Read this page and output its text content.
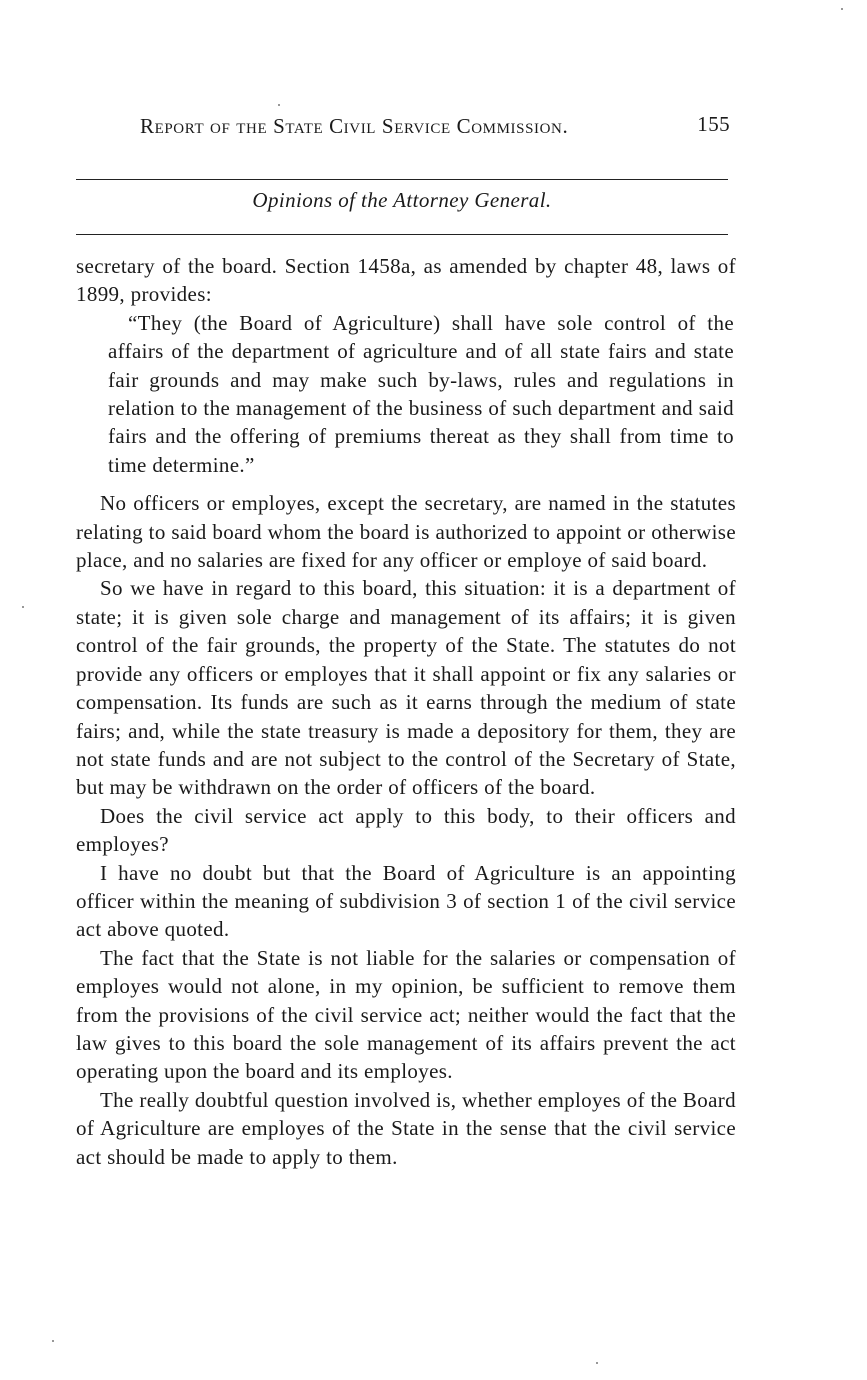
Report of the State Civil Service Commission.	155
Opinions of the Attorney General.

secretary of the board. Section 1458a, as amended by chapter 48, laws of 1899, provides:

“They (the Board of Agriculture) shall have sole control of the affairs of the department of agriculture and of all state fairs and state fair grounds and may make such by-laws, rules and regulations in relation to the management of the business of such department and said fairs and the offering of premiums thereat as they shall from time to time determine.”

No officers or employes, except the secretary, are named in the statutes relating to said board whom the board is authorized to appoint or otherwise place, and no salaries are fixed for any officer or employe of said board.

So we have in regard to this board, this situation: it is a department of state; it is given sole charge and management of its affairs; it is given control of the fair grounds, the property of the State. The statutes do not provide any officers or employes that it shall appoint or fix any salaries or compensation. Its funds are such as it earns through the medium of state fairs; and, while the state treasury is made a depository for them, they are not state funds and are not subject to the control of the Secretary of State, but may be withdrawn on the order of officers of the board.

Does the civil service act apply to this body, to their officers and employes?

I have no doubt but that the Board of Agriculture is an appointing officer within the meaning of subdivision 3 of section 1 of the civil service act above quoted.

The fact that the State is not liable for the salaries or compensation of employes would not alone, in my opinion, be sufficient to remove them from the provisions of the civil service act; neither would the fact that the law gives to this board the sole management of its affairs prevent the act operating upon the board and its employes.

The really doubtful question involved is, whether employes of the Board of Agriculture are employes of the State in the sense that the civil service act should be made to apply to them.
